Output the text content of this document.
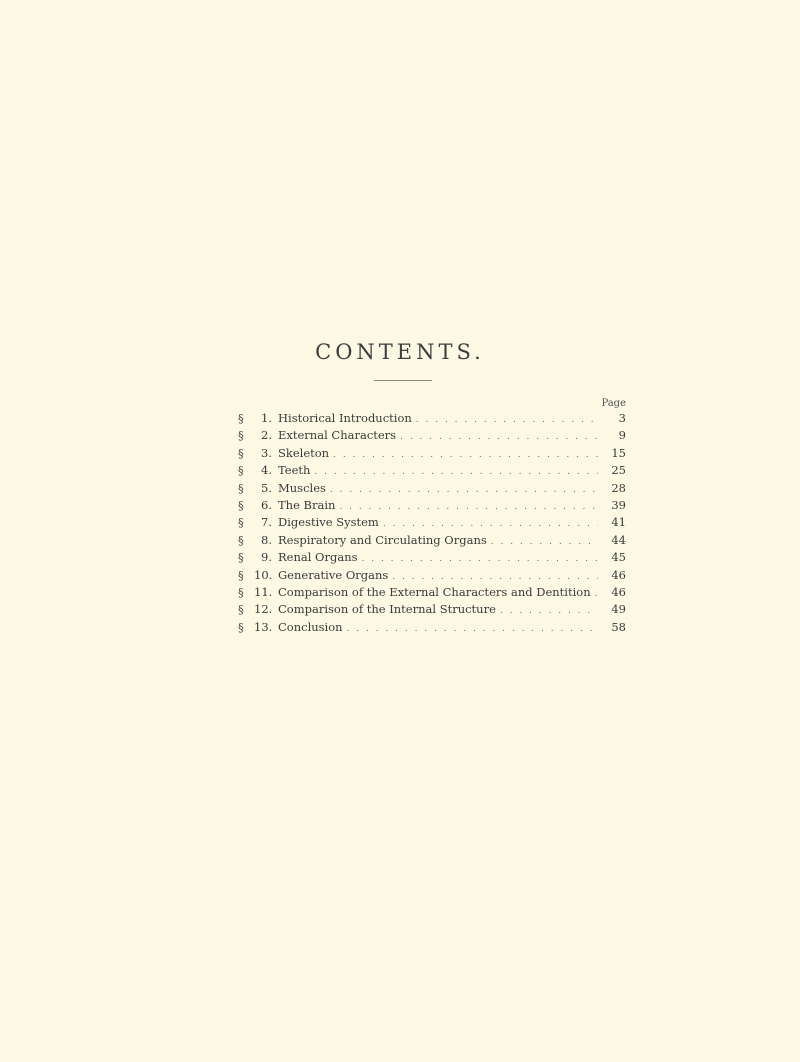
CONTENTS.
Page
§	1. Historical Introduction . . .	3
§	2. External Characters . . .	9
§	3. Skeleton . . .	15
§	4. Teeth . . .	25
§	5. Muscles . . .	28
§	6. The Brain . . .	39
§	7. Digestive System . . .	41
§	8. Respiratory and Circulating Organs . . .	44
§	9. Renal Organs . . .	45
§ 10. Generative Organs . . .	46
§ 11. Comparison of the External Characters and Dentition . . .	46
§ 12. Comparison of the Internal Structure . . .	49
§ 13. Conclusion . . .	58
